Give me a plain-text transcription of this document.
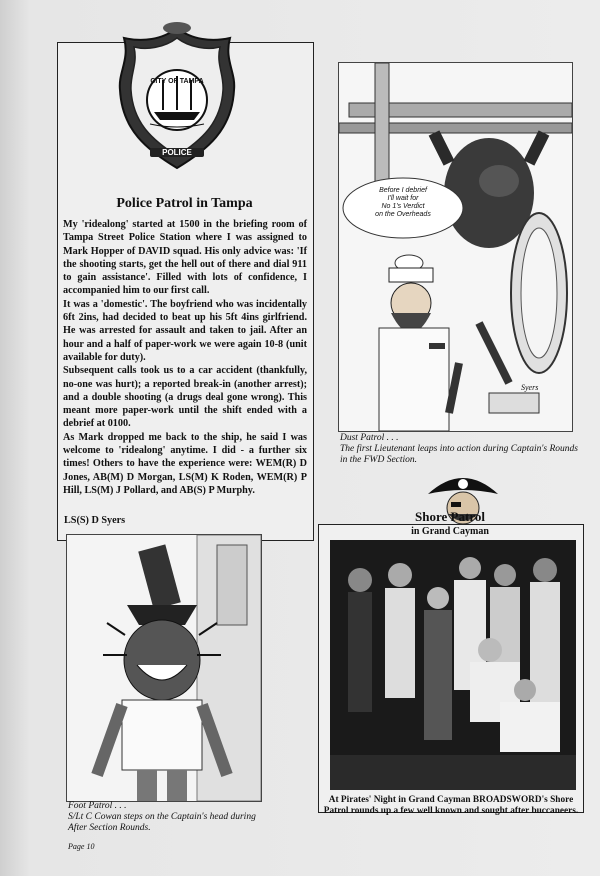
CITY OF TAMPA
POLICE
Police Patrol in Tampa

My 'ridealong' started at 1500 in the briefing room of Tampa Street Police Station where I was assigned to Mark Hopper of DAVID squad. His only advice was: 'If the shooting starts, get the hell out of there and dial 911 to gain assistance'. Filled with lots of confidence, I accompanied him to our first call.

It was a 'domestic'. The boyfriend who was incidentally 6ft 2ins, had decided to beat up his 5ft 4ins girlfriend. He was arrested for assault and taken to jail. After an hour and a half of paper-work we were again 10-8 (unit available for duty).

Subsequent calls took us to a car accident (thankfully, no-one was hurt); a reported break-in (another arrest); and a double shooting (a drugs deal gone wrong). This meant more paper-work until the shift ended with a debrief at 0100.

As Mark dropped me back to the ship, he said I was welcome to 'ridealong' anytime. I did - a further six times! Others to have the experience were: WEM(R) D Jones, AB(M) D Morgan, LS(M) K Roden, WEM(R) P Hill, LS(M) J Pollard, and AB(S) P Murphy.

LS(S) D Syers
Before I debrief
I'll wait for
No 1's Verdict
on the Overheads
Syers
Dust Patrol . . .
The first Lieutenant leaps into action during Captain's Rounds in the FWD Section.
Shore Patrol
in Grand Cayman
At Pirates' Night in Grand Cayman BROADSWORD's Shore Patrol rounds up a few well known and sought after buccaneers.
Foot Patrol . . .
S/Lt C Cowan steps on the Captain's head during After Section Rounds.
Page 10
